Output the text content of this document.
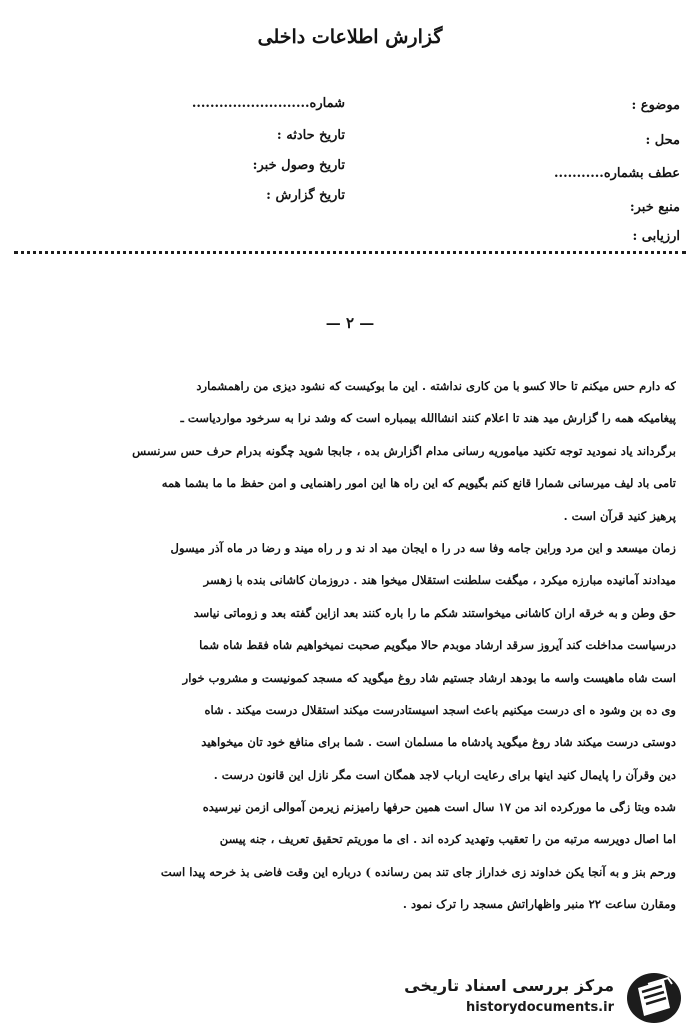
گزارش اطلاعات داخلی
موضوع :
محل :
عطف بشماره...........
منبع خبر:
ارزیابی :
شماره..........................
تاریخ حادثه :
تاریخ وصول خبر:
تاریخ گزارش :
— ۲ —
که دارم حس میکنم تا حالا کسو با من کاری نداشته . این ما بوکیست که نشود دیزی من راهمشمارد
پیغامیکه همه را گزارش مید هند تا اعلام کنند انشاالله بیمباره است که وشد نرا به سرخود مواردیاست ـ
برگرداند یاد نمودید توجه تکنید میاموریه رسانی مدام اگزارش بده ، جابجا شوید چگونه بدرام حرف حس سرنسس
تامی باد لیف میرسانی شمارا قانع کنم بگیویم که این راه ها این امور راهنمایی و امن حفظ ما ما بشما همه
پرهیز کنید قرآن است .
زمان میسعد و این مرد وراین جامه وفا سه در را ه ایجان مید اد ند و ر راه میند و رضا در ماه آذر میسول
میدادند آمانیده مبارزه میکرد ، میگفت سلطنت استقلال میخوا هند . دروزمان کاشانی بنده با زهسر
حق وطن و به خرقه اران کاشانی میخواستند شکم ما را باره کنند بعد ازاین گفته بعد و زوماتی نیاسد
درسیاست مداخلت کند آیروز سرقد ارشاد موبدم حالا میگویم صحبت نمیخواهیم شاه فقط شاه شما
است شاه ماهیست واسه ما بودهد ارشاد جستیم شاد روغ میگوید که مسجد کمونیست و مشروب خوار
وی ده بن وشود ه ای درست میکنیم باعث اسجد اسیستادرست میکند استقلال درست میکند . شاه
دوستی درست میکند شاد روغ میگوید پادشاه ما مسلمان است . شما برای منافع خود تان میخواهید
دین وقرآن را پایمال کنید اینها برای رعایت ارباب لاجد همگان است مگر نازل این قانون درست .
شده وبتا زگی ما مورکرده اند من ۱۷ سال است همین حرفها رامیزنم زیرمن آموالی ازمن نیرسیده
اما اصال دویرسه مرتبه من را تعقیب وتهدید کرده اند . ای ما موریتم تحقیق تعریف ، جنه پیسن
ورحم بنز و به آنجا یکن خداوند زی خداراز جای تند بمن رسانده ) درباره این وقت فاضی بذ خرحه پیدا است
ومقارن ساعت ۲۲ منبر واظهاراتش مسجد را ترک نمود .
مرکز بررسی اسناد تاریخی
historydocuments.ir
